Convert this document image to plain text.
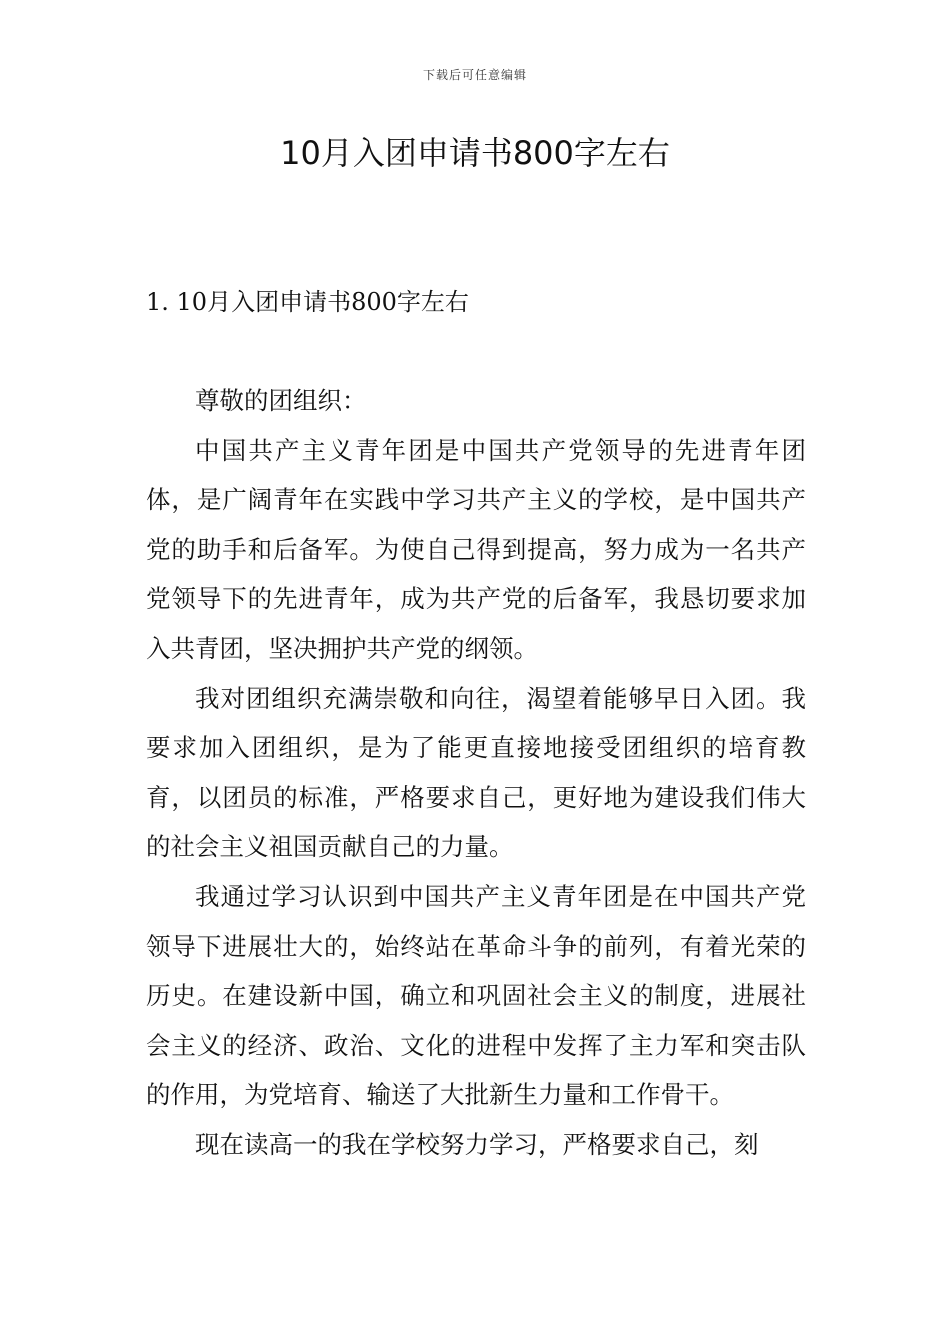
下载后可任意编辑
10月入团申请书800字左右
1. 10月入团申请书800字左右

尊敬的团组织：

中国共产主义青年团是中国共产党领导的先进青年团体，是广阔青年在实践中学习共产主义的学校，是中国共产党的助手和后备军。为使自己得到提高，努力成为一名共产党领导下的先进青年，成为共产党的后备军，我恳切要求加入共青团，坚决拥护共产党的纲领。

我对团组织充满崇敬和向往，渴望着能够早日入团。我要求加入团组织，是为了能更直接地接受团组织的培育教育，以团员的标准，严格要求自己，更好地为建设我们伟大的社会主义祖国贡献自己的力量。

我通过学习认识到中国共产主义青年团是在中国共产党领导下进展壮大的，始终站在革命斗争的前列，有着光荣的历史。在建设新中国，确立和巩固社会主义的制度，进展社会主义的经济、政治、文化的进程中发挥了主力军和突击队的作用，为党培育、输送了大批新生力量和工作骨干。

现在读高一的我在学校努力学习，严格要求自己，刻
